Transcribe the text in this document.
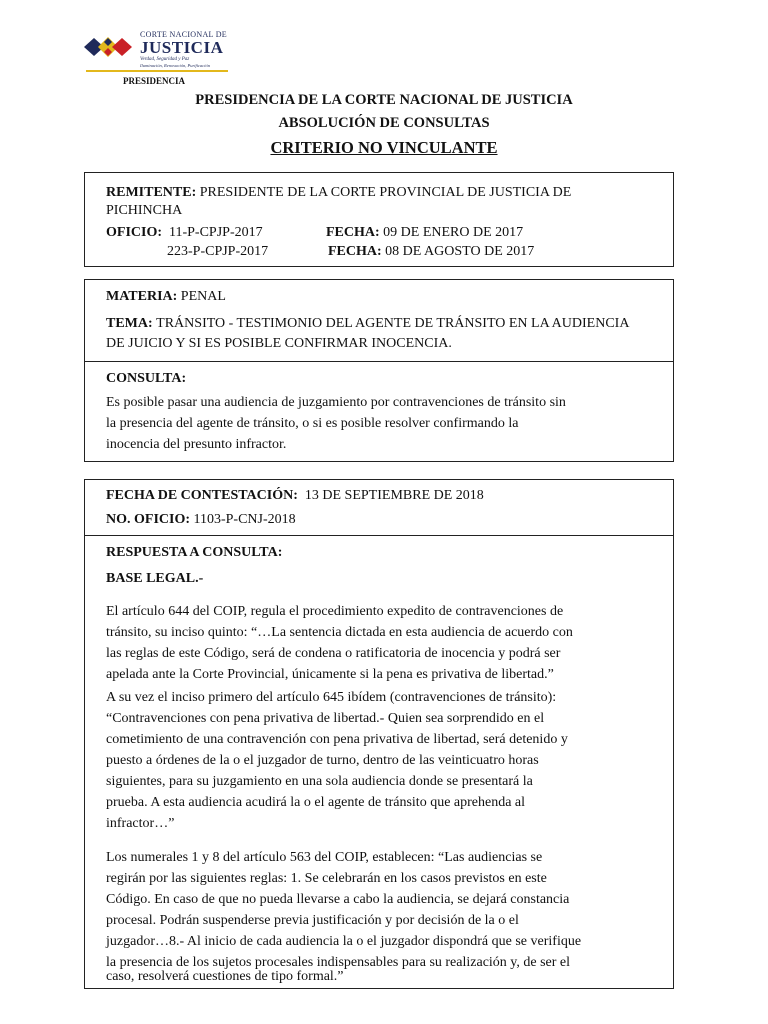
CORTE NACIONAL DE
JUSTICIA
Verdad, Seguridad y Paz
Iluminación, Renovación, Purificación
PRESIDENCIA
PRESIDENCIA DE LA CORTE NACIONAL DE JUSTICIA
ABSOLUCIÓN DE CONSULTAS
CRITERIO NO VINCULANTE
REMITENTE: PRESIDENTE DE LA CORTE PROVINCIAL DE JUSTICIA DE
PICHINCHA
OFICIO: 11-P-CPJP-2017	FECHA: 09 DE ENERO DE 2017
223-P-CPJP-2017	FECHA: 08 DE AGOSTO DE 2017
MATERIA: PENAL
TEMA: TRÁNSITO - TESTIMONIO DEL AGENTE DE TRÁNSITO EN LA AUDIENCIA
DE JUICIO Y SI ES POSIBLE CONFIRMAR INOCENCIA.
CONSULTA:
Es posible pasar una audiencia de juzgamiento por contravenciones de tránsito sin
la presencia del agente de tránsito, o si es posible resolver confirmando la
inocencia del presunto infractor.
FECHA DE CONTESTACIÓN: 13 DE SEPTIEMBRE DE 2018
NO. OFICIO: 1103-P-CNJ-2018
RESPUESTA A CONSULTA:
BASE LEGAL.-
El artículo 644 del COIP, regula el procedimiento expedito de contravenciones de
tránsito, su inciso quinto: “…La sentencia dictada en esta audiencia de acuerdo con
las reglas de este Código, será de condena o ratificatoria de inocencia y podrá ser
apelada ante la Corte Provincial, únicamente si la pena es privativa de libertad.”
A su vez el inciso primero del artículo 645 ibídem (contravenciones de tránsito):
“Contravenciones con pena privativa de libertad.- Quien sea sorprendido en el
cometimiento de una contravención con pena privativa de libertad, será detenido y
puesto a órdenes de la o el juzgador de turno, dentro de las veinticuatro horas
siguientes, para su juzgamiento en una sola audiencia donde se presentará la
prueba. A esta audiencia acudirá la o el agente de tránsito que aprehenda al
infractor…”
Los numerales 1 y 8 del artículo 563 del COIP, establecen: “Las audiencias se
regirán por las siguientes reglas: 1. Se celebrarán en los casos previstos en este
Código. En caso de que no pueda llevarse a cabo la audiencia, se dejará constancia
procesal. Podrán suspenderse previa justificación y por decisión de la o el
juzgador…8.- Al inicio de cada audiencia la o el juzgador dispondrá que se verifique
la presencia de los sujetos procesales indispensables para su realización y, de ser el
caso, resolverá cuestiones de tipo formal.”
